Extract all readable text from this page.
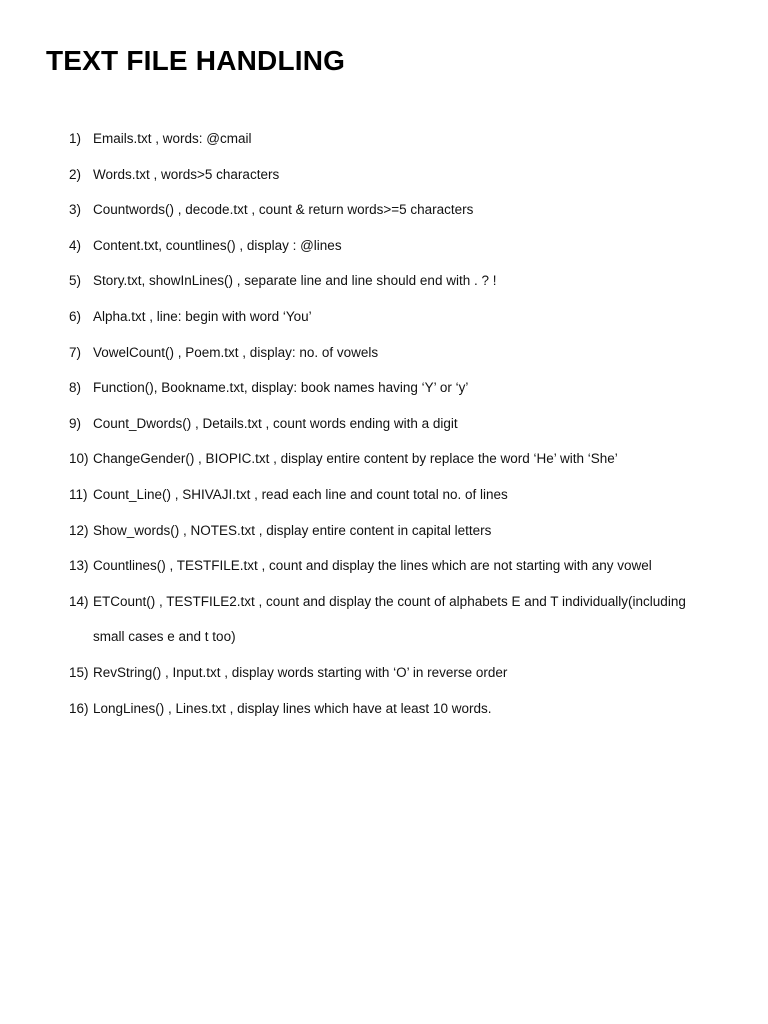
TEXT FILE HANDLING
1) Emails.txt , words: @cmail
2) Words.txt , words>5 characters
3) Countwords() , decode.txt , count & return words>=5 characters
4) Content.txt, countlines() , display : @lines
5) Story.txt, showInLines() , separate line and line should end with . ? !
6) Alpha.txt , line: begin with word ‘You’
7) VowelCount() , Poem.txt , display: no. of vowels
8) Function(), Bookname.txt, display: book names having ‘Y’ or ‘y’
9) Count_Dwords() , Details.txt , count words ending with a digit
10) ChangeGender() , BIOPIC.txt , display entire content by replace the word ‘He’ with ‘She’
11) Count_Line() , SHIVAJI.txt , read each line and count total no. of lines
12) Show_words() , NOTES.txt , display entire content in capital letters
13) Countlines() , TESTFILE.txt , count and display the lines which are not starting with any vowel
14) ETCount() , TESTFILE2.txt , count and display the count of alphabets E and T individually(including
small cases e and t too)
15) RevString() , Input.txt , display words starting with ‘O’ in reverse order
16) LongLines() , Lines.txt , display lines which have at least 10 words.
